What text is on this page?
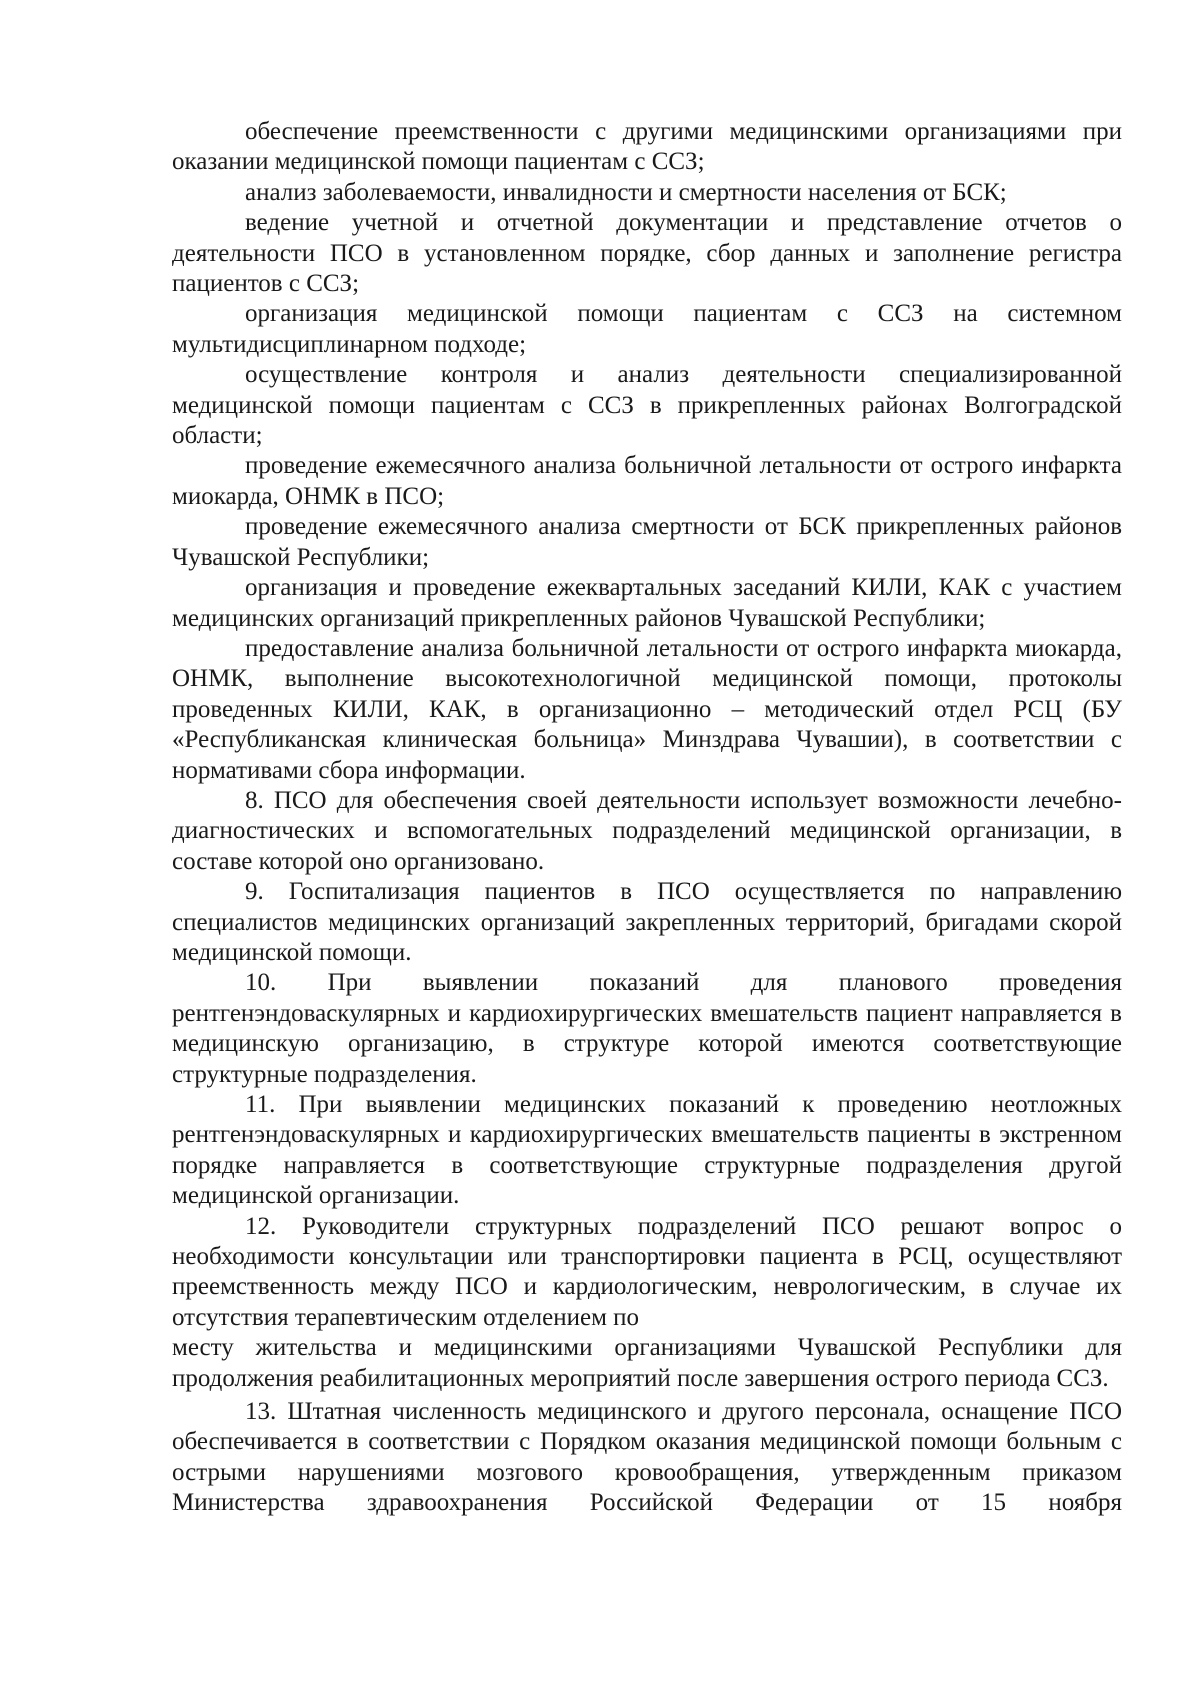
обеспечение преемственности с другими медицинскими организациями при оказании медицинской помощи пациентам с ССЗ;

анализ заболеваемости, инвалидности и смертности населения от БСК;

ведение учетной и отчетной документации и представление отчетов о деятельности ПСО в установленном порядке, сбор данных и заполнение регистра пациентов с ССЗ;

организация медицинской помощи пациентам с ССЗ на системном мультидисциплинарном подходе;

осуществление контроля и анализ деятельности специализированной медицинской помощи пациентам с ССЗ в прикрепленных районах Волгоградской области;

проведение ежемесячного анализа больничной летальности от острого инфаркта миокарда, ОНМК в ПСО;

проведение ежемесячного анализа смертности от БСК прикрепленных районов Чувашской Республики;

организация и проведение ежеквартальных заседаний КИЛИ, КАК с участием медицинских организаций прикрепленных районов Чувашской Республики;

предоставление анализа больничной летальности от острого инфаркта миокарда, ОНМК, выполнение высокотехнологичной медицинской помощи, протоколы проведенных КИЛИ, КАК, в организационно – методический отдел РСЦ (БУ «Республиканская клиническая больница» Минздрава Чувашии), в соответствии с нормативами сбора информации.

8. ПСО для обеспечения своей деятельности использует возможности лечебно-диагностических и вспомогательных подразделений медицинской организации, в составе которой оно организовано.

9. Госпитализация пациентов в ПСО осуществляется по направлению специалистов медицинских организаций закрепленных территорий, бригадами скорой медицинской помощи.

10. При выявлении показаний для планового проведения рентгенэндоваскулярных и кардиохирургических вмешательств пациент направляется в медицинскую организацию, в структуре которой имеются соответствующие структурные подразделения.

11. При выявлении медицинских показаний к проведению неотложных рентгенэндоваскулярных и кардиохирургических вмешательств пациенты в экстренном порядке направляется в соответствующие структурные подразделения другой медицинской организации.

12. Руководители структурных подразделений ПСО решают вопрос о необходимости консультации или транспортировки пациента в РСЦ, осуществляют преемственность между ПСО и кардиологическим, неврологическим, в случае их отсутствия терапевтическим отделением по

месту жительства и медицинскими организациями Чувашской Республики для продолжения реабилитационных мероприятий после завершения острого периода ССЗ.

13. Штатная численность медицинского и другого персонала, оснащение ПСО обеспечивается в соответствии с Порядком оказания медицинской помощи больным с острыми нарушениями мозгового кровообращения, утвержденным приказом Министерства здравоохранения Российской Федерации от 15 ноября
